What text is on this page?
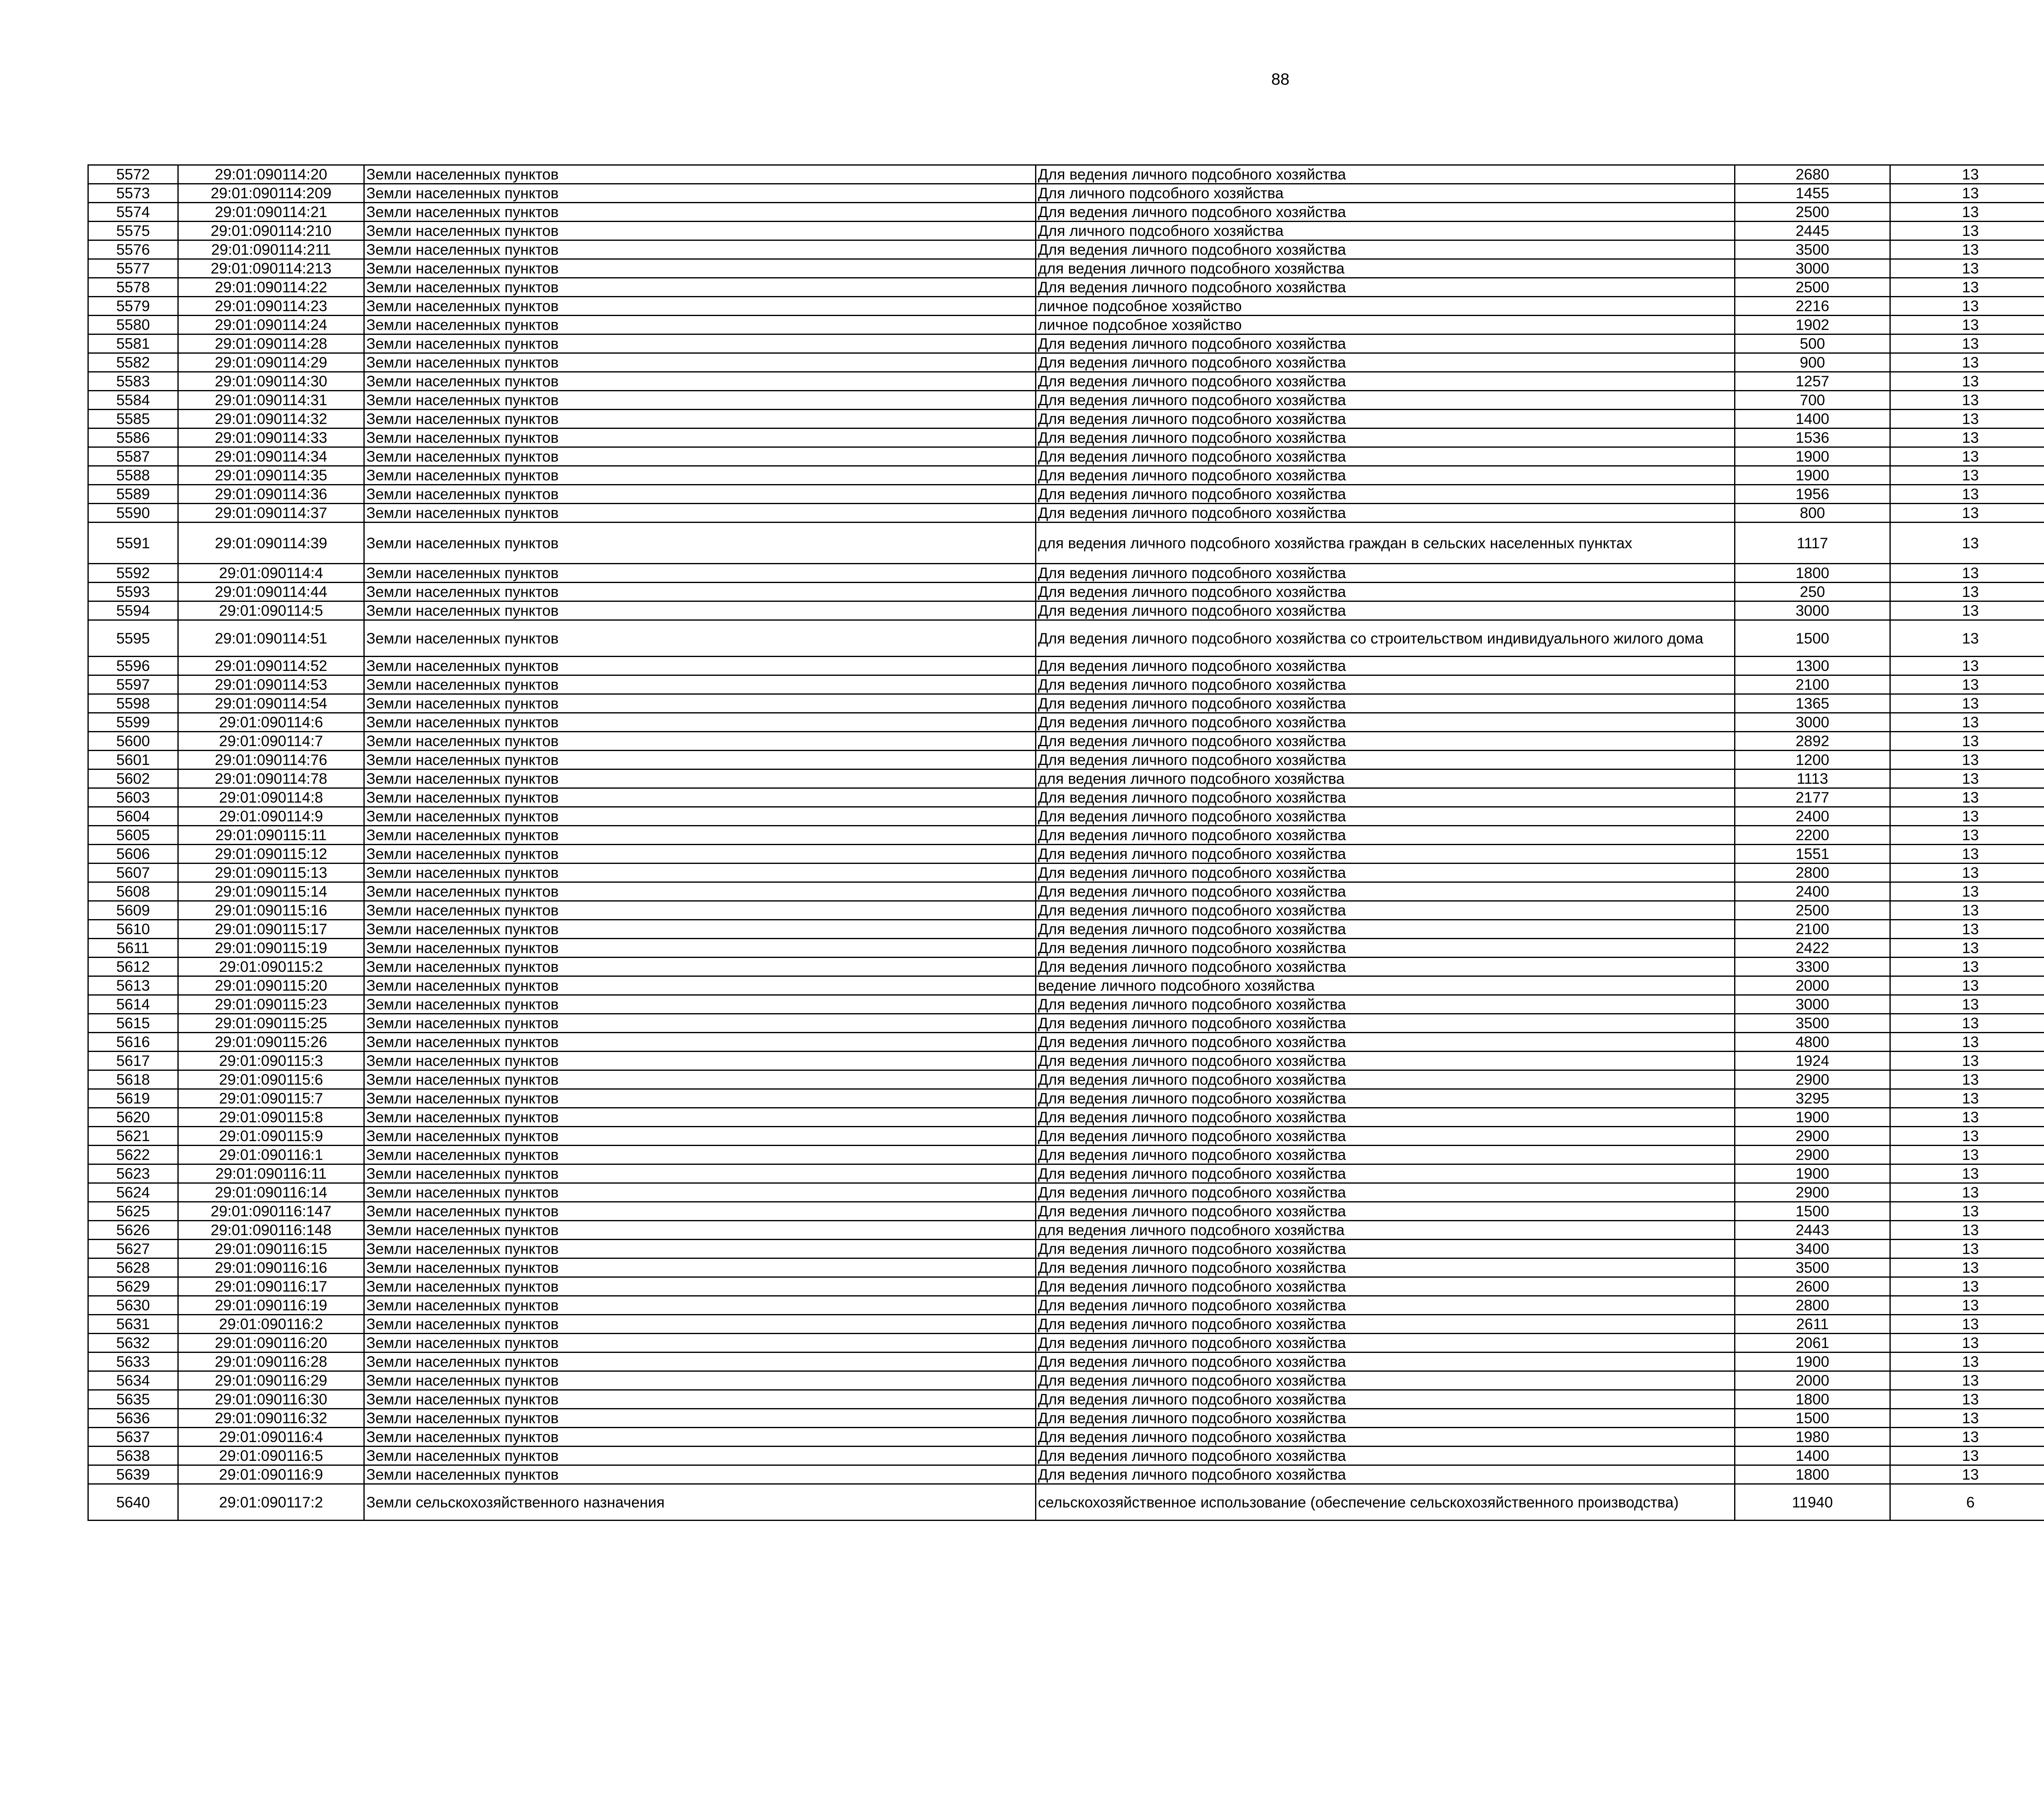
88
5572	29:01:090114:20	Земли населенных пунктов	Для ведения личного подсобного хозяйства	2680	13		
5573	29:01:090114:209	Земли населенных пунктов	Для личного подсобного хозяйства	1455	13		
5574	29:01:090114:21	Земли населенных пунктов	Для ведения личного подсобного хозяйства	2500	13		
5575	29:01:090114:210	Земли населенных пунктов	Для личного подсобного хозяйства	2445	13		
5576	29:01:090114:211	Земли населенных пунктов	Для ведения личного подсобного хозяйства	3500	13		
5577	29:01:090114:213	Земли населенных пунктов	для ведения личного подсобного хозяйства	3000	13		
5578	29:01:090114:22	Земли населенных пунктов	Для ведения личного подсобного хозяйства	2500	13		
5579	29:01:090114:23	Земли населенных пунктов	личное подсобное хозяйство	2216	13		
5580	29:01:090114:24	Земли населенных пунктов	личное подсобное хозяйство	1902	13		
5581	29:01:090114:28	Земли населенных пунктов	Для ведения личного подсобного хозяйства	500	13		
5582	29:01:090114:29	Земли населенных пунктов	Для ведения личного подсобного хозяйства	900	13		
5583	29:01:090114:30	Земли населенных пунктов	Для ведения личного подсобного хозяйства	1257	13		
5584	29:01:090114:31	Земли населенных пунктов	Для ведения личного подсобного хозяйства	700	13		
5585	29:01:090114:32	Земли населенных пунктов	Для ведения личного подсобного хозяйства	1400	13		
5586	29:01:090114:33	Земли населенных пунктов	Для ведения личного подсобного хозяйства	1536	13		
5587	29:01:090114:34	Земли населенных пунктов	Для ведения личного подсобного хозяйства	1900	13		
5588	29:01:090114:35	Земли населенных пунктов	Для ведения личного подсобного хозяйства	1900	13		
5589	29:01:090114:36	Земли населенных пунктов	Для ведения личного подсобного хозяйства	1956	13		
5590	29:01:090114:37	Земли населенных пунктов	Для ведения личного подсобного хозяйства	800	13		
5591	29:01:090114:39	Земли населенных пунктов	для ведения личного подсобного хозяйства граждан в сельских населенных пунктах	1117	13		
5592	29:01:090114:4	Земли населенных пунктов	Для ведения личного подсобного хозяйства	1800	13		
5593	29:01:090114:44	Земли населенных пунктов	Для ведения личного подсобного хозяйства	250	13		
5594	29:01:090114:5	Земли населенных пунктов	Для ведения личного подсобного хозяйства	3000	13		
5595	29:01:090114:51	Земли населенных пунктов	Для ведения личного подсобного хозяйства со строительством индивидуального жилого дома	1500	13		
5596	29:01:090114:52	Земли населенных пунктов	Для ведения личного подсобного хозяйства	1300	13		
5597	29:01:090114:53	Земли населенных пунктов	Для ведения личного подсобного хозяйства	2100	13		
5598	29:01:090114:54	Земли населенных пунктов	Для ведения личного подсобного хозяйства	1365	13		
5599	29:01:090114:6	Земли населенных пунктов	Для ведения личного подсобного хозяйства	3000	13		
5600	29:01:090114:7	Земли населенных пунктов	Для ведения личного подсобного хозяйства	2892	13		
5601	29:01:090114:76	Земли населенных пунктов	Для ведения личного подсобного хозяйства	1200	13		
5602	29:01:090114:78	Земли населенных пунктов	для ведения личного подсобного хозяйства	1113	13		
5603	29:01:090114:8	Земли населенных пунктов	Для ведения личного подсобного хозяйства	2177	13		
5604	29:01:090114:9	Земли населенных пунктов	Для ведения личного подсобного хозяйства	2400	13		
5605	29:01:090115:11	Земли населенных пунктов	Для ведения личного подсобного хозяйства	2200	13		
5606	29:01:090115:12	Земли населенных пунктов	Для ведения личного подсобного хозяйства	1551	13		
5607	29:01:090115:13	Земли населенных пунктов	Для ведения личного подсобного хозяйства	2800	13		
5608	29:01:090115:14	Земли населенных пунктов	Для ведения личного подсобного хозяйства	2400	13		
5609	29:01:090115:16	Земли населенных пунктов	Для ведения личного подсобного хозяйства	2500	13		
5610	29:01:090115:17	Земли населенных пунктов	Для ведения личного подсобного хозяйства	2100	13		
5611	29:01:090115:19	Земли населенных пунктов	Для ведения личного подсобного хозяйства	2422	13		
5612	29:01:090115:2	Земли населенных пунктов	Для ведения личного подсобного хозяйства	3300	13		
5613	29:01:090115:20	Земли населенных пунктов	ведение личного подсобного хозяйства	2000	13		
5614	29:01:090115:23	Земли населенных пунктов	Для ведения личного подсобного хозяйства	3000	13		
5615	29:01:090115:25	Земли населенных пунктов	Для ведения личного подсобного хозяйства	3500	13		
5616	29:01:090115:26	Земли населенных пунктов	Для ведения личного подсобного хозяйства	4800	13		
5617	29:01:090115:3	Земли населенных пунктов	Для ведения личного подсобного хозяйства	1924	13		
5618	29:01:090115:6	Земли населенных пунктов	Для ведения личного подсобного хозяйства	2900	13		
5619	29:01:090115:7	Земли населенных пунктов	Для ведения личного подсобного хозяйства	3295	13		
5620	29:01:090115:8	Земли населенных пунктов	Для ведения личного подсобного хозяйства	1900	13		
5621	29:01:090115:9	Земли населенных пунктов	Для ведения личного подсобного хозяйства	2900	13		
5622	29:01:090116:1	Земли населенных пунктов	Для ведения личного подсобного хозяйства	2900	13		
5623	29:01:090116:11	Земли населенных пунктов	Для ведения личного подсобного хозяйства	1900	13		
5624	29:01:090116:14	Земли населенных пунктов	Для ведения личного подсобного хозяйства	2900	13		
5625	29:01:090116:147	Земли населенных пунктов	Для ведения личного подсобного хозяйства	1500	13		
5626	29:01:090116:148	Земли населенных пунктов	для ведения личного подсобного хозяйства	2443	13		
5627	29:01:090116:15	Земли населенных пунктов	Для ведения личного подсобного хозяйства	3400	13		
5628	29:01:090116:16	Земли населенных пунктов	Для ведения личного подсобного хозяйства	3500	13		
5629	29:01:090116:17	Земли населенных пунктов	Для ведения личного подсобного хозяйства	2600	13		
5630	29:01:090116:19	Земли населенных пунктов	Для ведения личного подсобного хозяйства	2800	13		
5631	29:01:090116:2	Земли населенных пунктов	Для ведения личного подсобного хозяйства	2611	13		
5632	29:01:090116:20	Земли населенных пунктов	Для ведения личного подсобного хозяйства	2061	13		
5633	29:01:090116:28	Земли населенных пунктов	Для ведения личного подсобного хозяйства	1900	13		
5634	29:01:090116:29	Земли населенных пунктов	Для ведения личного подсобного хозяйства	2000	13		
5635	29:01:090116:30	Земли населенных пунктов	Для ведения личного подсобного хозяйства	1800	13		
5636	29:01:090116:32	Земли населенных пунктов	Для ведения личного подсобного хозяйства	1500	13		
5637	29:01:090116:4	Земли населенных пунктов	Для ведения личного подсобного хозяйства	1980	13		
5638	29:01:090116:5	Земли населенных пунктов	Для ведения личного подсобного хозяйства	1400	13		
5639	29:01:090116:9	Земли населенных пунктов	Для ведения личного подсобного хозяйства	1800	13		
5640	29:01:090117:2	Земли сельскохозяйственного назначения	сельскохозяйственное использование (обеспечение сельскохозяйственного производства)	11940	6		
